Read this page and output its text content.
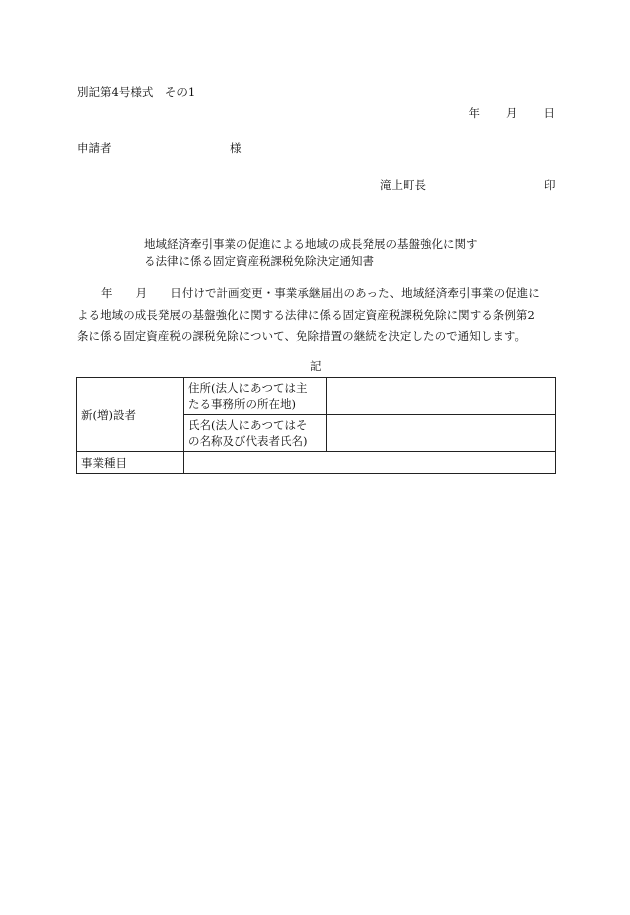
別記第4号様式　その1
年 月 日
申請者	様
滝上町長	印
地域経済牽引事業の促進による地域の成長発展の基盤強化に関す
る法律に係る固定資産税課税免除決定通知書
年　　月　　日付けで計画変更・事業承継届出のあった、地域経済牽引事業の促進に
よる地域の成長発展の基盤強化に関する法律に係る固定資産税課税免除に関する条例第2
条に係る固定資産税の課税免除について、免除措置の継続を決定したので通知します。
記
新(増)設者	住所(法人にあつては主
たる事務所の所在地)	

	氏名(法人にあつてはそ
の名称及び代表者氏名)	

事業種目		
